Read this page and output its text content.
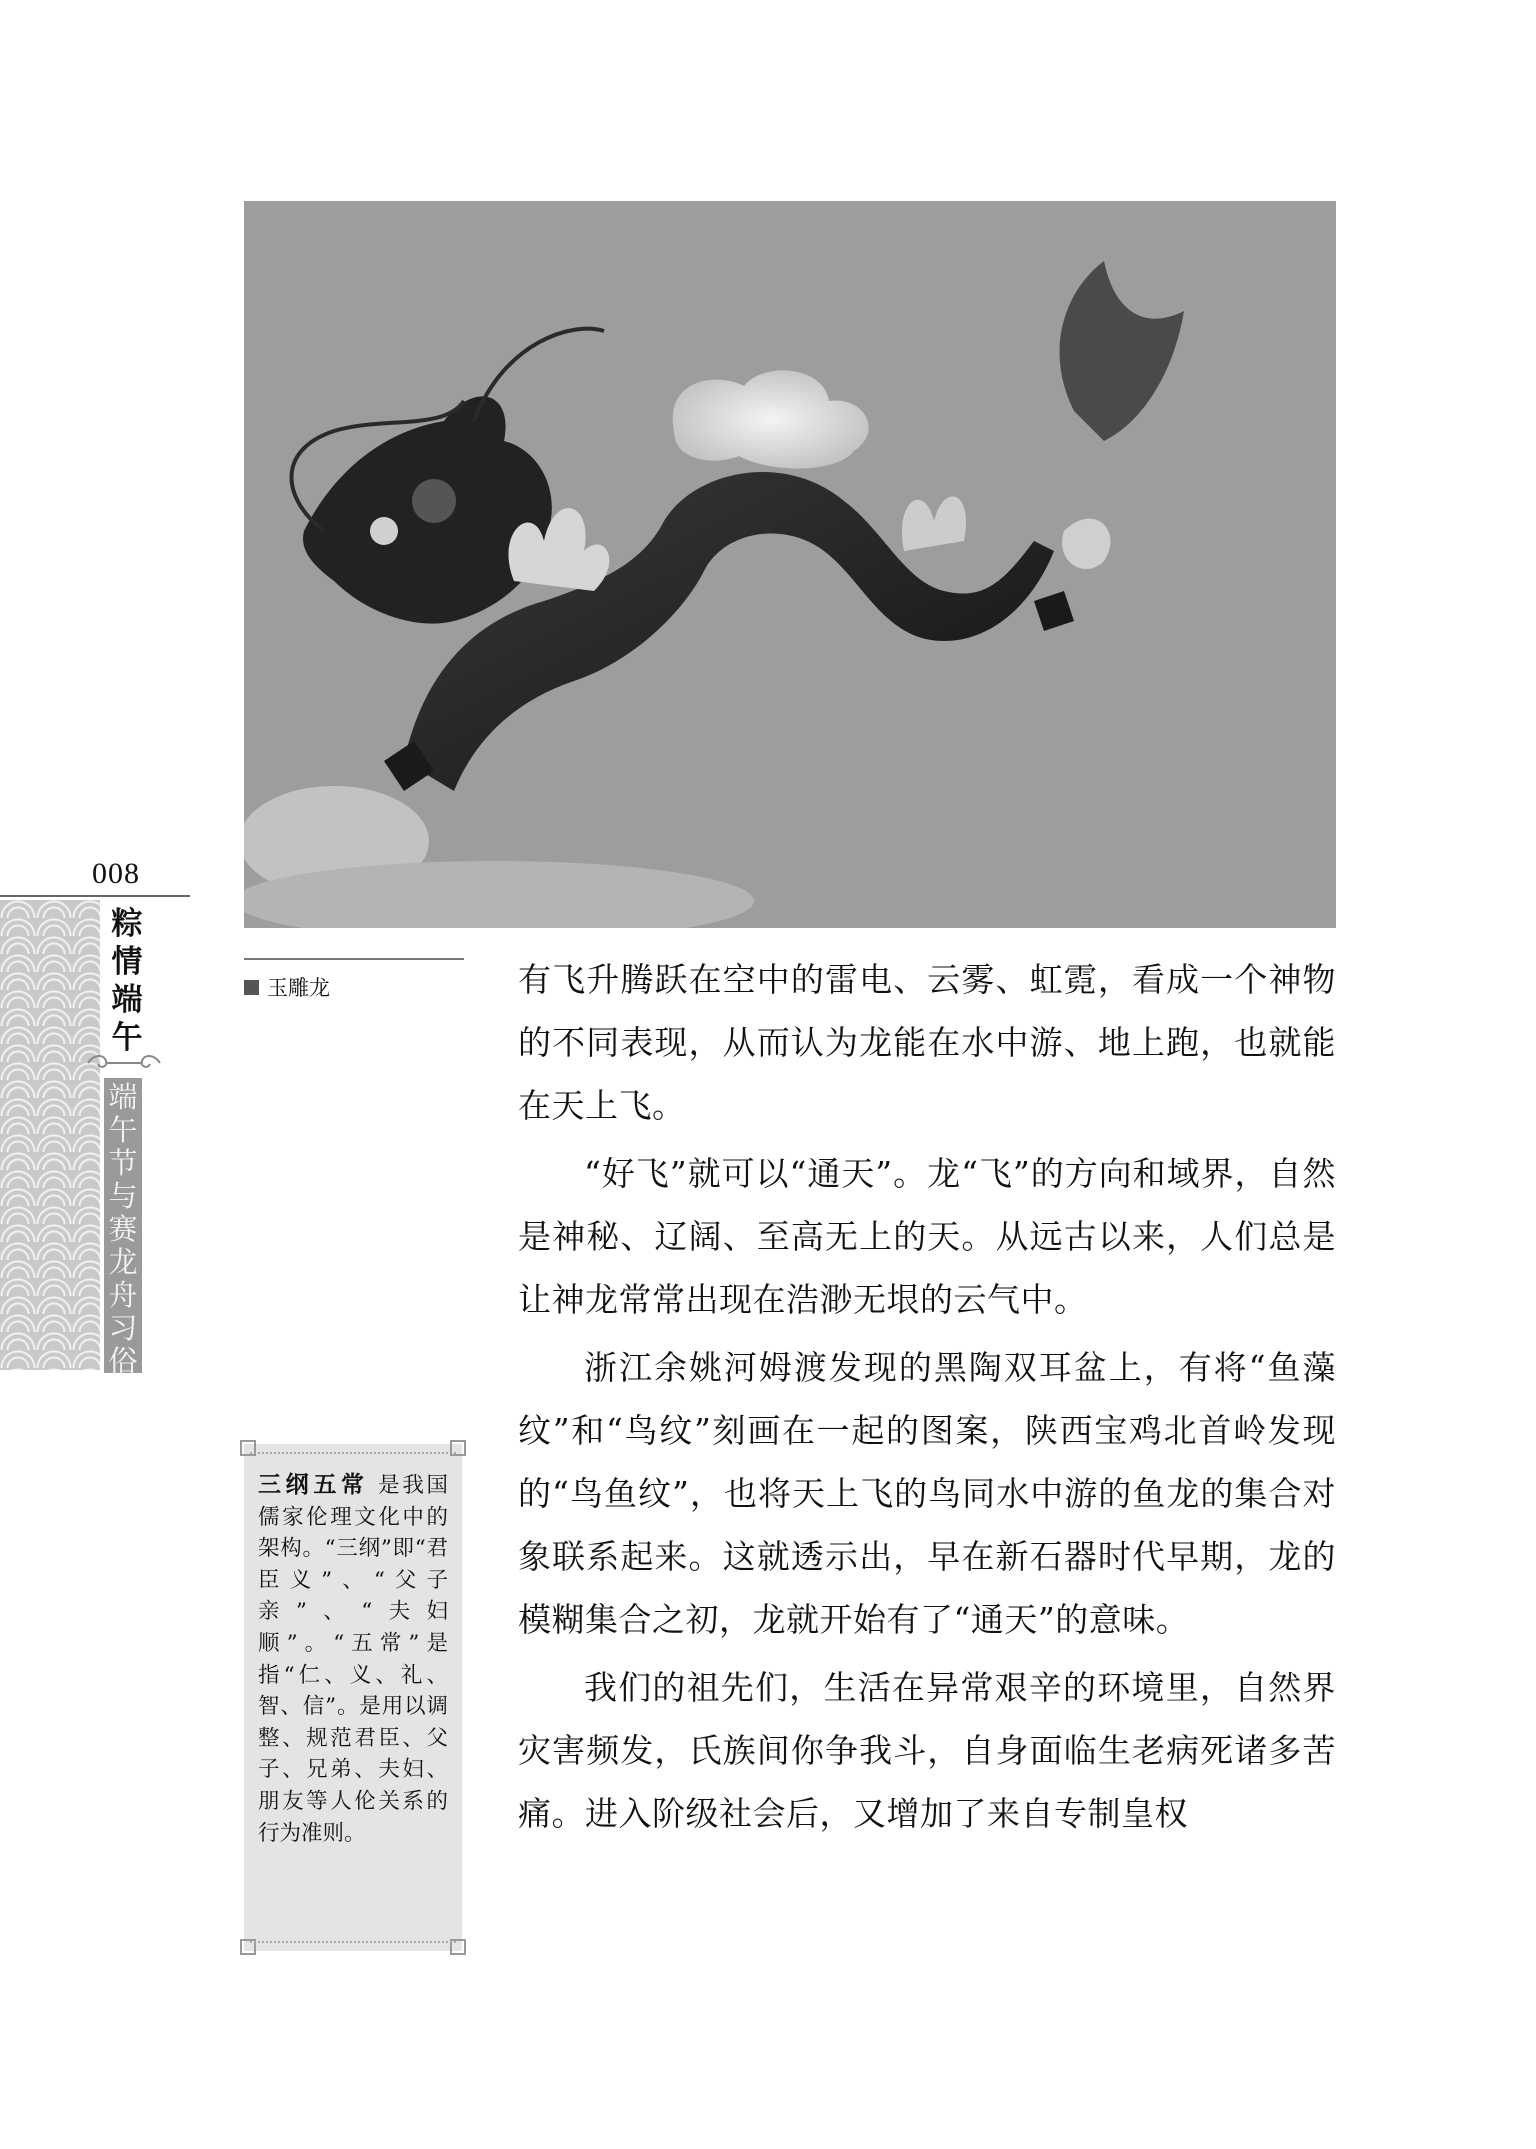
008
粽情端午
端午节与赛龙舟习俗
玉雕龙
三纲五常 是我国儒家伦理文化中的架构。“三纲”即“君臣义”、“父子亲”、“夫妇顺”。“五常”是指“仁、义、礼、智、信”。是用以调整、规范君臣、父子、兄弟、夫妇、朋友等人伦关系的行为准则。

有飞升腾跃在空中的雷电、云雾、虹霓，看成一个神物的不同表现，从而认为龙能在水中游、地上跑，也就能在天上飞。

“好飞”就可以“通天”。龙“飞”的方向和域界，自然是神秘、辽阔、至高无上的天。从远古以来，人们总是让神龙常常出现在浩渺无垠的云气中。

浙江余姚河姆渡发现的黑陶双耳盆上，有将“鱼藻纹”和“鸟纹”刻画在一起的图案，陕西宝鸡北首岭发现的“鸟鱼纹”，也将天上飞的鸟同水中游的鱼龙的集合对象联系起来。这就透示出，早在新石器时代早期，龙的模糊集合之初，龙就开始有了“通天”的意味。

我们的祖先们，生活在异常艰辛的环境里，自然界灾害频发，氏族间你争我斗，自身面临生老病死诸多苦痛。进入阶级社会后，又增加了来自专制皇权
